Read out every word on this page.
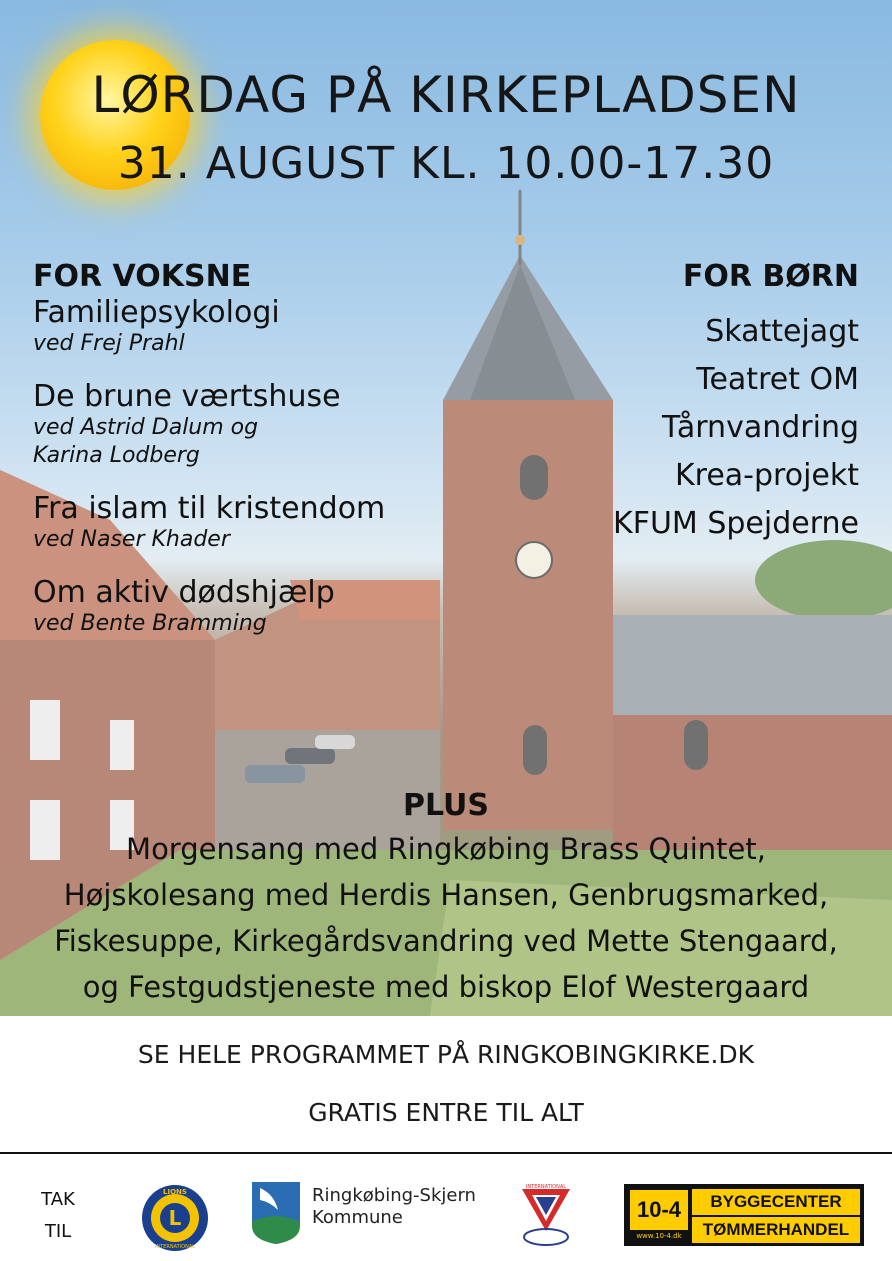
LØRDAG PÅ KIRKEPLADSEN
31. AUGUST KL. 10.00-17.30
FOR VOKSNE
Familiepsykologi
ved Frej Prahl
De brune værtshuse
ved Astrid Dalum og
Karina Lodberg
Fra islam til kristendom
ved Naser Khader
Om aktiv dødshjælp
ved Bente Bramming
FOR BØRN
Skattejagt
Teatret OM
Tårnvandring
Krea-projekt
KFUM Spejderne
PLUS
Morgensang med Ringkøbing Brass Quintet,
Højskolesang med Herdis Hansen, Genbrugsmarked,
Fiskesuppe, Kirkegårdsvandring ved Mette Stengaard,
og Festgudstjeneste med biskop Elof Westergaard
SE HELE PROGRAMMET PÅ RINGKOBINGKIRKE.DK
GRATIS ENTRE TIL ALT
TAK
TIL
L
LIONS
INTERNATIONAL
Ringkøbing-Skjern
Kommune
INTERNATIONAL
10-4
www.10-4.dk
BYGGECENTER
TØMMERHANDEL
